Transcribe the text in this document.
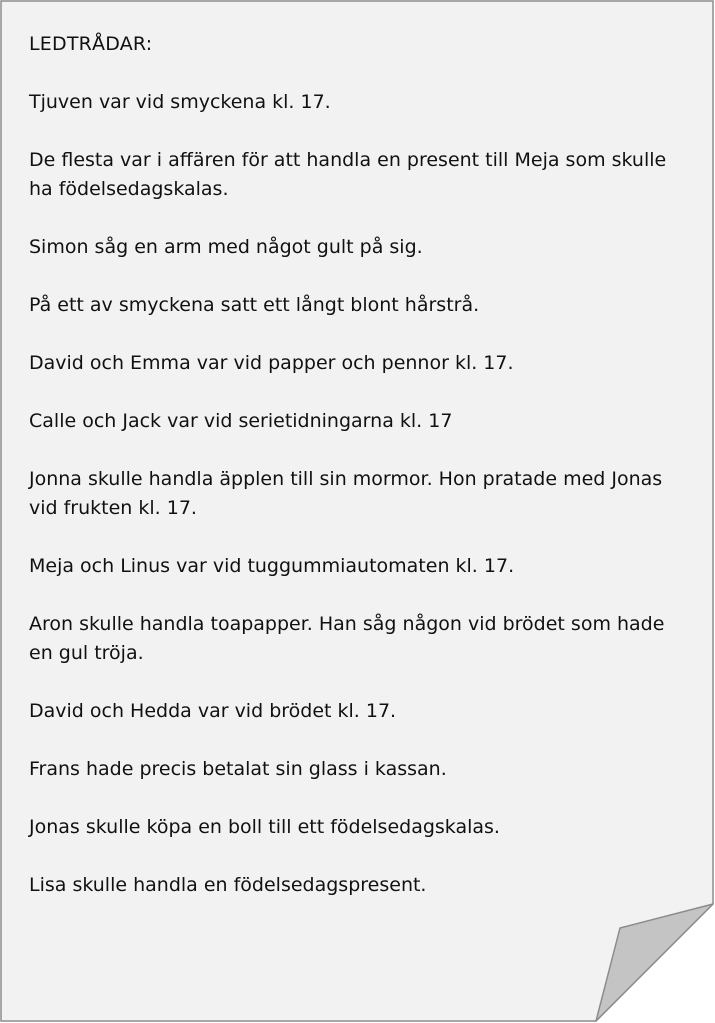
LEDTRÅDAR:
Tjuven var vid smyckena kl. 17.
De flesta var i affären för att handla en present till Meja som skulle ha födelsedagskalas.
Simon såg en arm med något gult på sig.
På ett av smyckena satt ett långt blont hårstrå.
David och Emma var vid papper och pennor kl. 17.
Calle och Jack var vid serietidningarna kl. 17
Jonna skulle handla äpplen till sin mormor. Hon pratade med Jonas vid frukten kl. 17.
Meja och Linus var vid tuggummiautomaten kl. 17.
Aron skulle handla toapapper. Han såg någon vid brödet som hade en gul tröja.
David och Hedda var vid brödet kl. 17.
Frans hade precis betalat sin glass i kassan.
Jonas skulle köpa en boll till ett födelsedagskalas.
Lisa skulle handla en födelsedagspresent.
